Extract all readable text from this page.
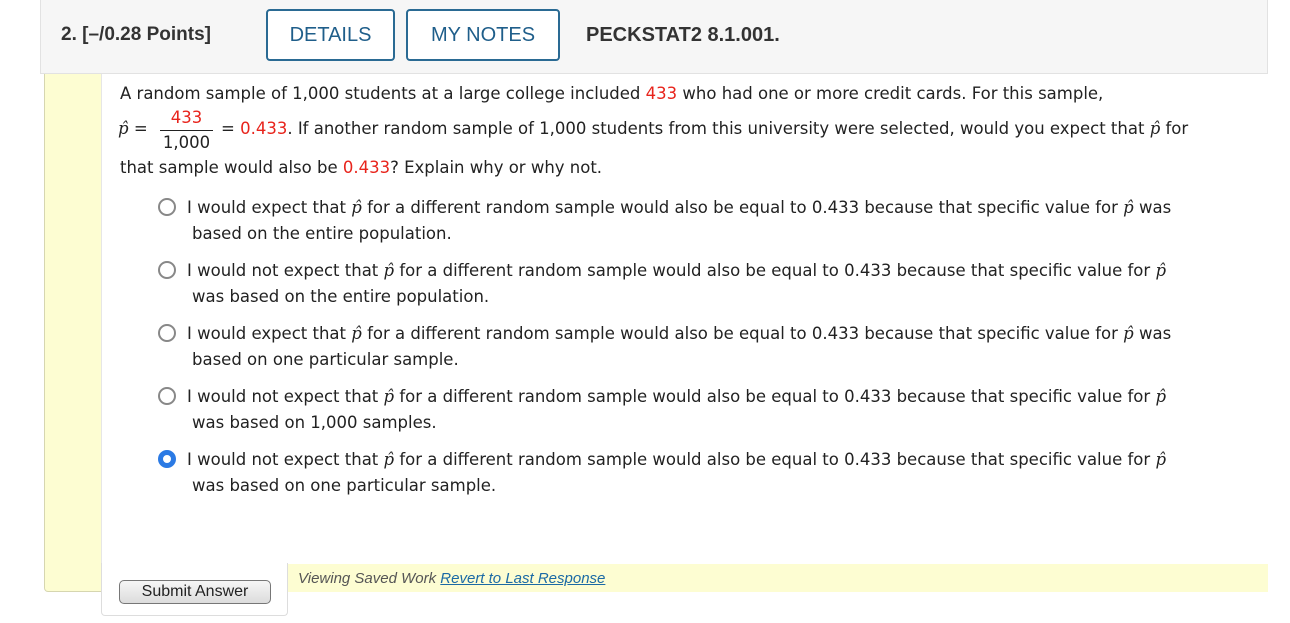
2. [–/0.28 Points]	DETAILS	MY NOTES	PECKSTAT2 8.1.001.
A random sample of 1,000 students at a large college included 433 who had one or more credit cards. For this sample,
p̂ =
433
1,000
= 0.433. If another random sample of 1,000 students from this university were selected, would you expect that p̂ for
that sample would also be 0.433? Explain why or why not.
I would expect that p̂ for a different random sample would also be equal to 0.433 because that specific value for p̂ was
based on the entire population.
I would not expect that p̂ for a different random sample would also be equal to 0.433 because that specific value for p̂
was based on the entire population.
I would expect that p̂ for a different random sample would also be equal to 0.433 because that specific value for p̂ was
based on one particular sample.
I would not expect that p̂ for a different random sample would also be equal to 0.433 because that specific value for p̂
was based on 1,000 samples.
I would not expect that p̂ for a different random sample would also be equal to 0.433 because that specific value for p̂
was based on one particular sample.
Viewing Saved Work Revert to Last Response
Submit Answer
